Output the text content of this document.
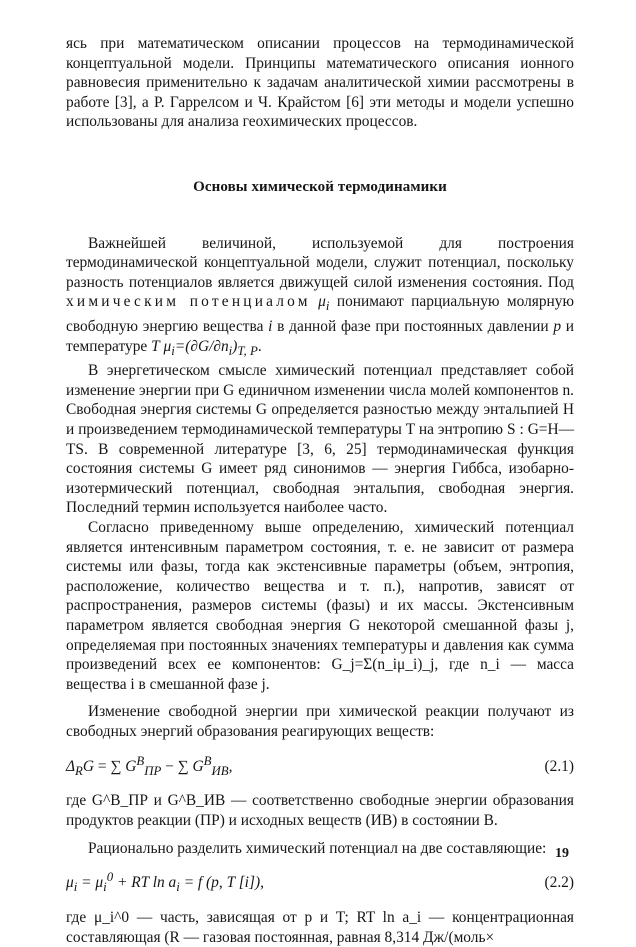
ясь при математическом описании процессов на термодинамической концептуальной модели. Принципы математического описания ионного равновесия применительно к задачам аналитической химии рассмотрены в работе [3], а Р. Гаррелсом и Ч. Крайстом [6] эти методы и модели успешно использованы для анализа геохимических процессов.

Основы химической термодинамики

Важнейшей величиной, используемой для построения термодинамической концептуальной модели, служит потенциал, поскольку разность потенциалов является движущей силой изменения состояния. Под химическим потенциалом $\mu_i$ понимают парциальную молярную свободную энергию вещества i в данной фазе при постоянных давлении p и температуре T $\mu_i=(\partial G/\partial n_i)_{T, P}$.

В энергетическом смысле химический потенциал представляет собой изменение энергии при G единичном изменении числа молей компонентов n. Свободная энергия системы G определяется разностью между энтальпией H и произведением термодинамической температуры T на энтропию S : G=H—TS. В современной литературе [3, 6, 25] термодинамическая функция состояния системы G имеет ряд синонимов — энергия Гиббса, изобарно-изотермический потенциал, свободная энтальпия, свободная энергия. Последний термин используется наиболее часто.

Согласно приведенному выше определению, химический потенциал является интенсивным параметром состояния, т. е. не зависит от размера системы или фазы, тогда как экстенсивные параметры (объем, энтропия, расположение, количество вещества и т. п.), напротив, зависят от распространения, размеров системы (фазы) и их массы. Экстенсивным параметром является свободная энергия G некоторой смешанной фазы j, определяемая при постоянных значениях температуры и давления как сумма произведений всех ее компонентов: G_j=Σ(n_iμ_i)_j, где n_i — масса вещества i в смешанной фазе j.

Изменение свободной энергии при химической реакции получают из свободных энергий образования реагирующих веществ:

$\Delta_RG$ = ∑ $G^B_{ПР}$ − ∑ $G^B_{ИВ}$,	(2.1)

где G^B_ПР и G^B_ИВ — соответственно свободные энергии образования продуктов реакции (ПР) и исходных веществ (ИВ) в состоянии В.

Рационально разделить химический потенциал на две составляющие:

$\mu_i = \mu_i^0$ + RT $\ln a_i = f$ (p, T [i]),	(2.2)

где μ_i^0 — часть, зависящая от p и T; RT ln a_i — концентрационная составляющая (R — газовая постоянная, равная 8,314 Дж/(моль×

19
